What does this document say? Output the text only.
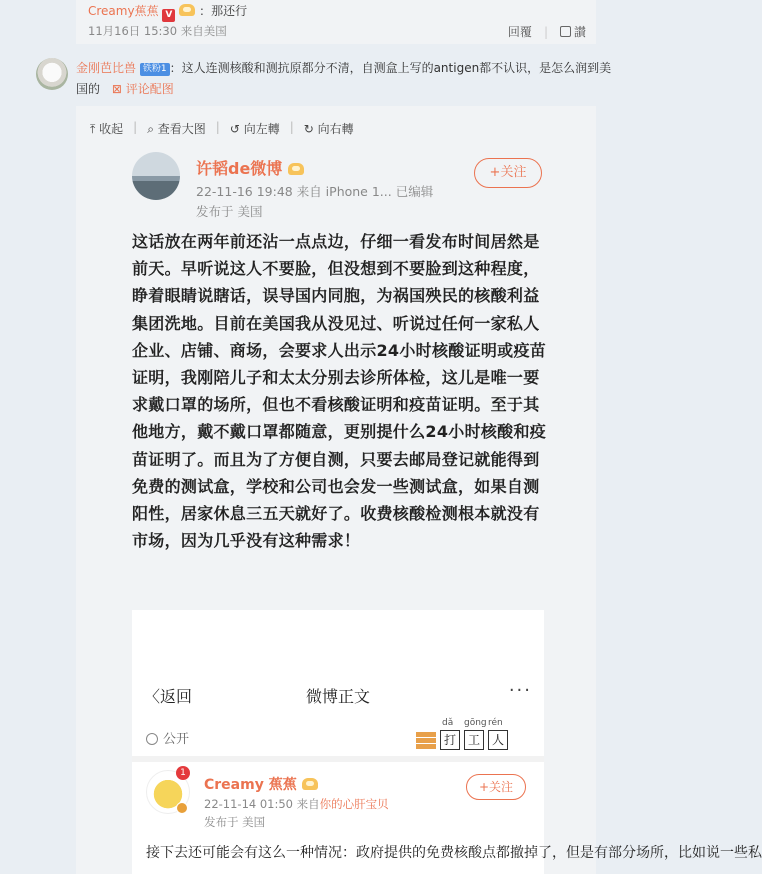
Creamy蕉蕉 V ：那还行
11月16日 15:30 来自美国	回覆 |	讃
金刚芭比兽 铁粉1 ：这人连测核酸和测抗原都分不清，自测盒上写的antigen都不认识，是怎么润到美国的 ⊠ 评论配图
⤒ 收起 | ⌕ 查看大图 | ↺ 向左轉 | ↻ 向右轉
许韬de微博
22-11-16 19:48 来自 iPhone 1... 已编辑
发布于 美国
+关注
这话放在两年前还沾一点点边，仔细一看发布时间居然是前天。早听说这人不要脸，但没想到不要脸到这种程度，睁着眼睛说瞎话，误导国内同胞，为祸国殃民的核酸利益集团洗地。目前在美国我从没见过、听说过任何一家私人企业、店铺、商场，会要求人出示24小时核酸证明或疫苗证明，我刚陪儿子和太太分别去诊所体检，这儿是唯一要求戴口罩的场所，但也不看核酸证明和疫苗证明。至于其他地方，戴不戴口罩都随意，更别提什么24小时核酸和疫苗证明了。而且为了方便自测，只要去邮局登记就能得到免费的测试盒，学校和公司也会发一些测试盒，如果自测阳性，居家休息三五天就好了。收费核酸检测根本就没有市场，因为几乎没有这种需求！
〈返回	微博正文	···
公开
dǎ gōng rén
打 工 人
1
Creamy 蕉蕉
22-11-14 01:50 来自你的心肝宝贝
发布于 美国
+关注
接下去还可能会有这么一种情况：政府提供的免费核酸点都撤掉了，但是有部分场所，比如说一些私
